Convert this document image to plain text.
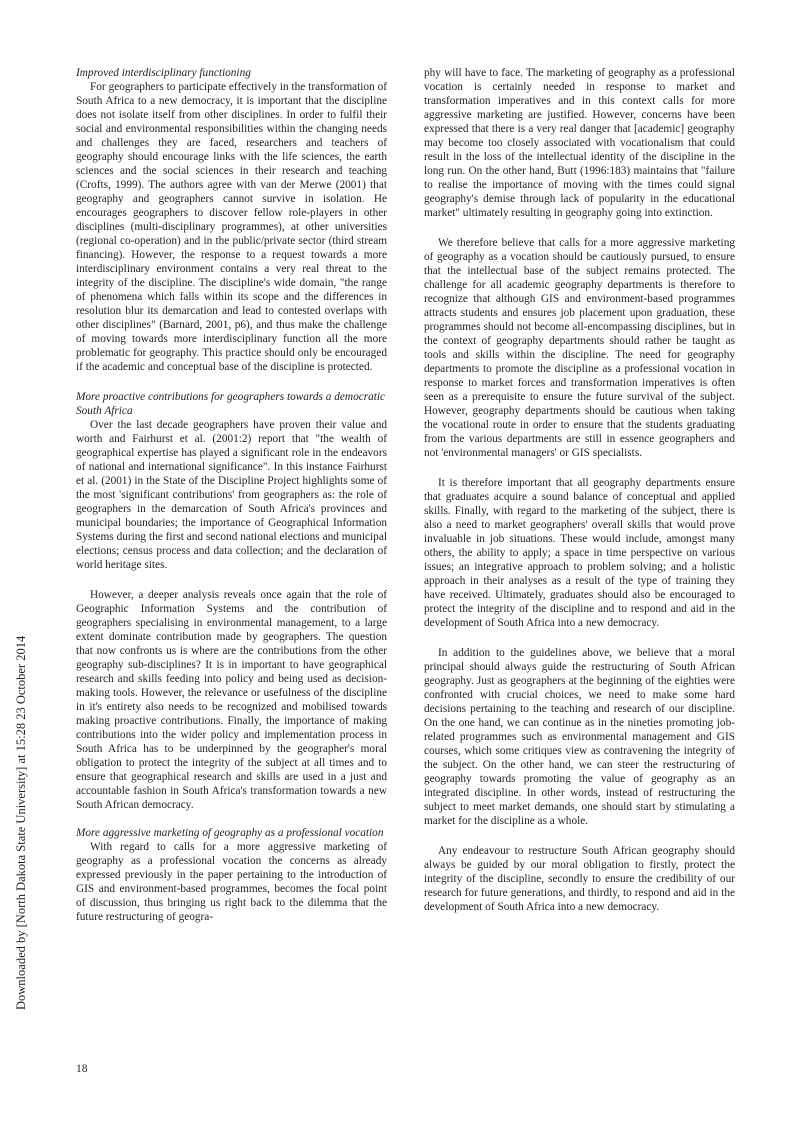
Downloaded by [North Dakota State University] at 15:28 23 October 2014
Improved interdisciplinary functioning

For geographers to participate effectively in the transformation of South Africa to a new democracy, it is important that the discipline does not isolate itself from other disciplines. In order to fulfil their social and environmental responsibilities within the changing needs and challenges they are faced, researchers and teachers of geography should encourage links with the life sciences, the earth sciences and the social sciences in their research and teaching (Crofts, 1999). The authors agree with van der Merwe (2001) that geography and geographers cannot survive in isolation. He encourages geographers to discover fellow role-players in other disciplines (multi-disciplinary programmes), at other universities (regional co-operation) and in the public/private sector (third stream financing). However, the response to a request towards a more interdisciplinary environment contains a very real threat to the integrity of the discipline. The discipline's wide domain, "the range of phenomena which falls within its scope and the differences in resolution blur its demarcation and lead to contested overlaps with other disciplines" (Barnard, 2001, p6), and thus make the challenge of moving towards more interdisciplinary function all the more problematic for geography. This practice should only be encouraged if the academic and conceptual base of the discipline is protected.

More proactive contributions for geographers towards a democratic South Africa

Over the last decade geographers have proven their value and worth and Fairhurst et al. (2001:2) report that "the wealth of geographical expertise has played a significant role in the endeavors of national and international significance". In this instance Fairhurst et al. (2001) in the State of the Discipline Project highlights some of the most 'significant contributions' from geographers as: the role of geographers in the demarcation of South Africa's provinces and municipal boundaries; the importance of Geographical Information Systems during the first and second national elections and municipal elections; census process and data collection; and the declaration of world heritage sites.

However, a deeper analysis reveals once again that the role of Geographic Information Systems and the contribution of geographers specialising in environmental management, to a large extent dominate contribution made by geographers. The question that now confronts us is where are the contributions from the other geography sub-disciplines? It is in important to have geographical research and skills feeding into policy and being used as decision-making tools. However, the relevance or usefulness of the discipline in it's entirety also needs to be recognized and mobilised towards making proactive contributions. Finally, the importance of making contributions into the wider policy and implementation process in South Africa has to be underpinned by the geographer's moral obligation to protect the integrity of the subject at all times and to ensure that geographical research and skills are used in a just and accountable fashion in South Africa's transformation towards a new South African democracy.

More aggressive marketing of geography as a professional vocation

With regard to calls for a more aggressive marketing of geography as a professional vocation the concerns as already expressed previously in the paper pertaining to the introduction of GIS and environment-based programmes, becomes the focal point of discussion, thus bringing us right back to the dilemma that the future restructuring of geogra-

phy will have to face. The marketing of geography as a professional vocation is certainly needed in response to market and transformation imperatives and in this context calls for more aggressive marketing are justified. However, concerns have been expressed that there is a very real danger that [academic] geography may become too closely associated with vocationalism that could result in the loss of the intellectual identity of the discipline in the long run. On the other hand, Butt (1996:183) maintains that "failure to realise the importance of moving with the times could signal geography's demise through lack of popularity in the educational market" ultimately resulting in geography going into extinction.

We therefore believe that calls for a more aggressive marketing of geography as a vocation should be cautiously pursued, to ensure that the intellectual base of the subject remains protected. The challenge for all academic geography departments is therefore to recognize that although GIS and environment-based programmes attracts students and ensures job placement upon graduation, these programmes should not become all-encompassing disciplines, but in the context of geography departments should rather be taught as tools and skills within the discipline. The need for geography departments to promote the discipline as a professional vocation in response to market forces and transformation imperatives is often seen as a prerequisite to ensure the future survival of the subject. However, geography departments should be cautious when taking the vocational route in order to ensure that the students graduating from the various departments are still in essence geographers and not 'environmental managers' or GIS specialists.

It is therefore important that all geography departments ensure that graduates acquire a sound balance of conceptual and applied skills. Finally, with regard to the marketing of the subject, there is also a need to market geographers' overall skills that would prove invaluable in job situations. These would include, amongst many others, the ability to apply; a space in time perspective on various issues; an integrative approach to problem solving; and a holistic approach in their analyses as a result of the type of training they have received. Ultimately, graduates should also be encouraged to protect the integrity of the discipline and to respond and aid in the development of South Africa into a new democracy.

In addition to the guidelines above, we believe that a moral principal should always guide the restructuring of South African geography. Just as geographers at the beginning of the eighties were confronted with crucial choices, we need to make some hard decisions pertaining to the teaching and research of our discipline. On the one hand, we can continue as in the nineties promoting job-related programmes such as environmental management and GIS courses, which some critiques view as contravening the integrity of the subject. On the other hand, we can steer the restructuring of geography towards promoting the value of geography as an integrated discipline. In other words, instead of restructuring the subject to meet market demands, one should start by stimulating a market for the discipline as a whole.

Any endeavour to restructure South African geography should always be guided by our moral obligation to firstly, protect the integrity of the discipline, secondly to ensure the credibility of our research for future generations, and thirdly, to respond and aid in the development of South Africa into a new democracy.

18
